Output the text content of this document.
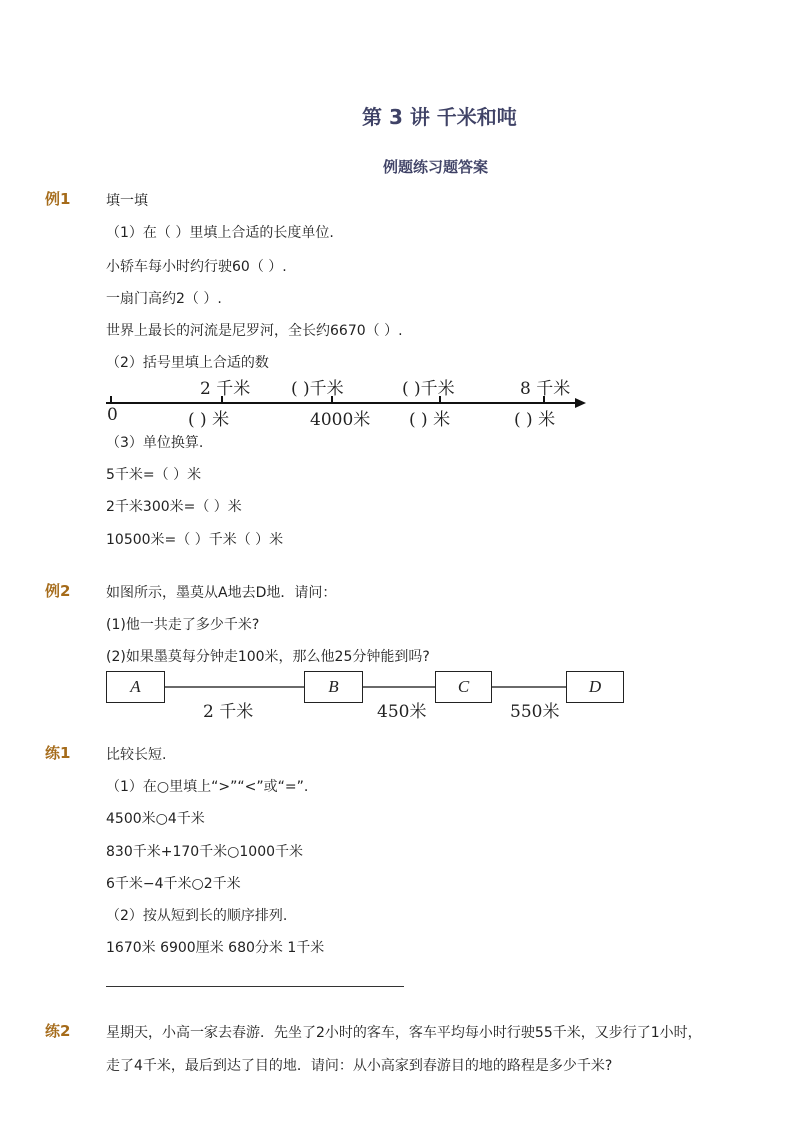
第 3 讲 千米和吨
例题练习题答案
例1	填一填
（1）在（ ）里填上合适的长度单位.
小轿车每小时约行驶60（ ）.
一扇门高约2（ ）.
世界上最长的河流是尼罗河，全长约6670（ ）.
（2）括号里填上合适的数
2 千米 ( )千米	( )千米	8 千米
0	( ) 米	4000米 ( ) 米	( ) 米
（3）单位换算.
5千米=（ ）米
2千米300米=（ ）米
10500米=（ ）千米（ ）米
例2	如图所示，墨莫从A地去D地．请问：
(1)他一共走了多少千米?
(2)如果墨莫每分钟走100米，那么他25分钟能到吗?
A	B	C	D
2 千米	450米	550米
练1	比较长短.
（1）在○里填上“>”“<”或“=”.
4500米○4千米
830千米+170千米○1000千米
6千米−4千米○2千米
（2）按从短到长的顺序排列.
1670米 6900厘米 680分米 1千米
练2	星期天，小高一家去春游．先坐了2小时的客车，客车平均每小时行驶55千米，又步行了1小时，
走了4千米，最后到达了目的地．请问：从小高家到春游目的地的路程是多少千米?
